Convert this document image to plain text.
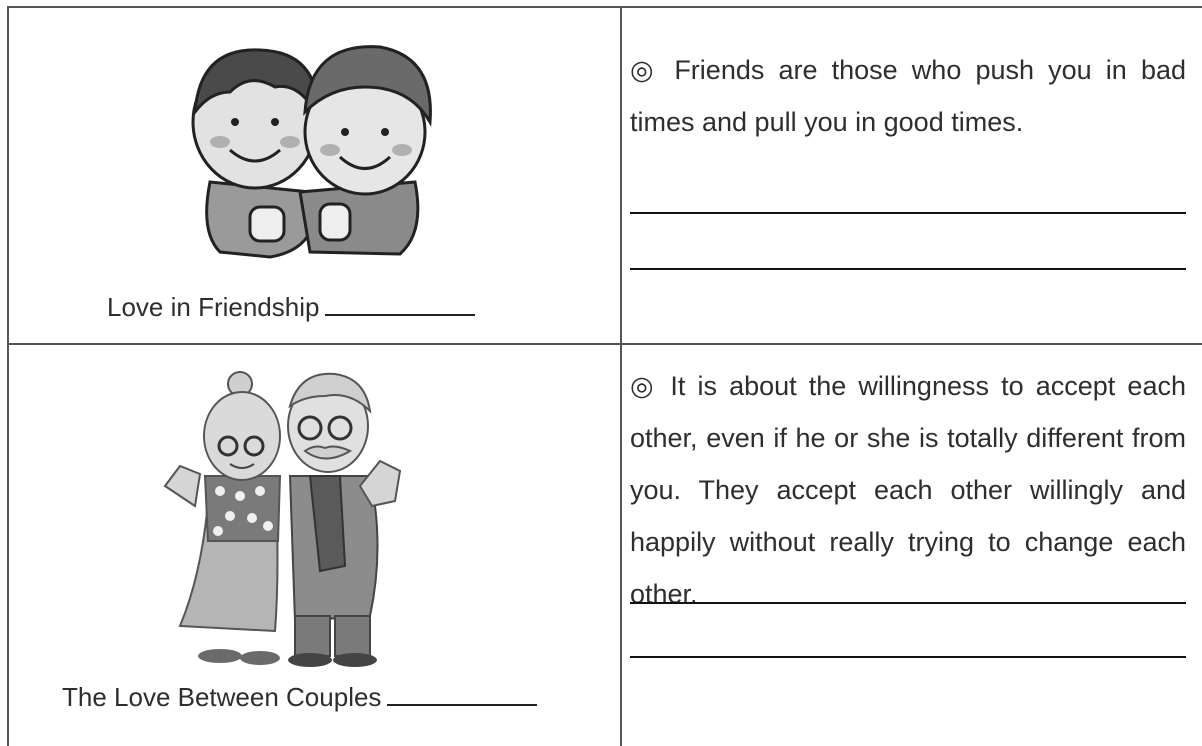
Love in Friendship
◎ Friends are those who push you in bad times and pull you in good times.
The Love Between Couples
◎ It is about the willingness to accept each other, even if he or she is totally different from you. They accept each other willingly and happily without really trying to change each other.
